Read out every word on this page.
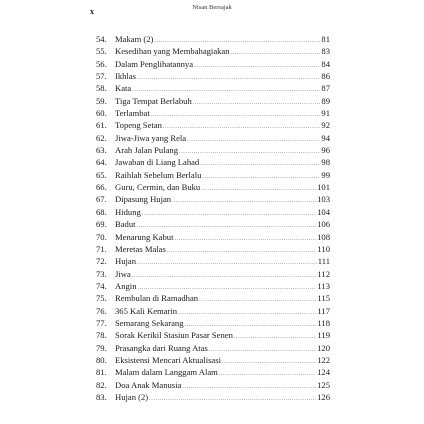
x	Nisan Bersajak
54. Makam (2) .....	81
55. Kesedihan yang Membahagiakan .....	83
56. Dalam Penglihatannya .....	84
57. Ikhlas .....	86
58. Kata .....	87
59. Tiga Tempat Berlabuh .....	89
60. Terlambat .....	91
61. Topeng Setan .....	92
62. Jiwa-Jiwa yang Rela .....	94
63. Arah Jalan Pulang .....	96
64. Jawaban di Liang Lahad .....	98
65. Raihlah Sebelum Berlalu .....	99
66. Guru, Cermin, dan Buku .....	101
67. Dipasung Hujan .....	103
68. Hidung .....	104
69. Badut .....	106
70. Menarung Kabut .....	108
71. Meretas Malas .....	110
72. Hujan .....	111
73. Jiwa .....	112
74. Angin .....	113
75. Rembulan di Ramadhan .....	115
76. 365 Kali Kemarin .....	117
77. Semarang Sekarang .....	118
78. Sorak Kerikil Stasiun Pasar Senen .....	119
79. Prasangka dari Ruang Atas .....	120
80. Eksistensi Mencari Aktualisasi .....	122
81. Malam dalam Langgam Alam .....	124
82. Doa Anak Manusia .....	125
83. Hujan (2) .....	126
